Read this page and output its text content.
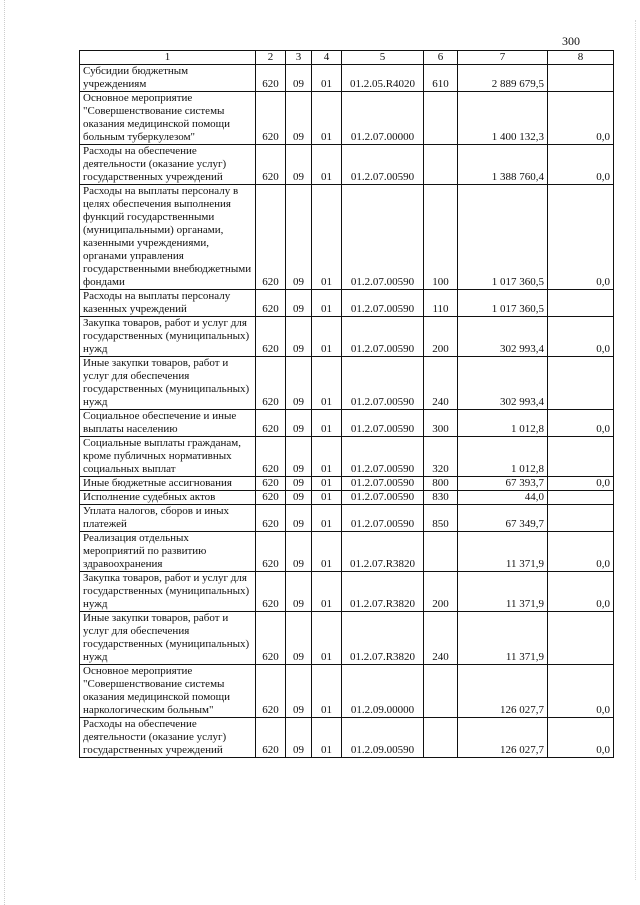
300
1	2	3	4	5	6	7	8
Субсидии бюджетным учреждениям	620	09	01	01.2.05.R4020	610	2 889 679,5	
Основное мероприятие "Совершенствование системы оказания медицинской помощи больным туберкулезом"	620	09	01	01.2.07.00000		1 400 132,3	0,0
Расходы на обеспечение деятельности (оказание услуг) государственных учреждений	620	09	01	01.2.07.00590		1 388 760,4	0,0
Расходы на выплаты персоналу в целях обеспечения выполнения функций государственными (муниципальными) органами, казенными учреждениями, органами управления государственными внебюджетными фондами	620	09	01	01.2.07.00590	100	1 017 360,5	0,0
Расходы на выплаты персоналу казенных учреждений	620	09	01	01.2.07.00590	110	1 017 360,5	
Закупка товаров, работ и услуг для государственных (муниципальных) нужд	620	09	01	01.2.07.00590	200	302 993,4	0,0
Иные закупки товаров, работ и услуг для обеспечения государственных (муниципальных) нужд	620	09	01	01.2.07.00590	240	302 993,4	
Социальное обеспечение и иные выплаты населению	620	09	01	01.2.07.00590	300	1 012,8	0,0
Социальные выплаты гражданам, кроме публичных нормативных социальных выплат	620	09	01	01.2.07.00590	320	1 012,8	
Иные бюджетные ассигнования	620	09	01	01.2.07.00590	800	67 393,7	0,0
Исполнение судебных актов	620	09	01	01.2.07.00590	830	44,0	
Уплата налогов, сборов и иных платежей	620	09	01	01.2.07.00590	850	67 349,7	
Реализация отдельных мероприятий по развитию здравоохранения	620	09	01	01.2.07.R3820		11 371,9	0,0
Закупка товаров, работ и услуг для государственных (муниципальных) нужд	620	09	01	01.2.07.R3820	200	11 371,9	0,0
Иные закупки товаров, работ и услуг для обеспечения государственных (муниципальных) нужд	620	09	01	01.2.07.R3820	240	11 371,9	
Основное мероприятие "Совершенствование системы оказания медицинской помощи наркологическим больным"	620	09	01	01.2.09.00000		126 027,7	0,0
Расходы на обеспечение деятельности (оказание услуг) государственных учреждений	620	09	01	01.2.09.00590		126 027,7	0,0
